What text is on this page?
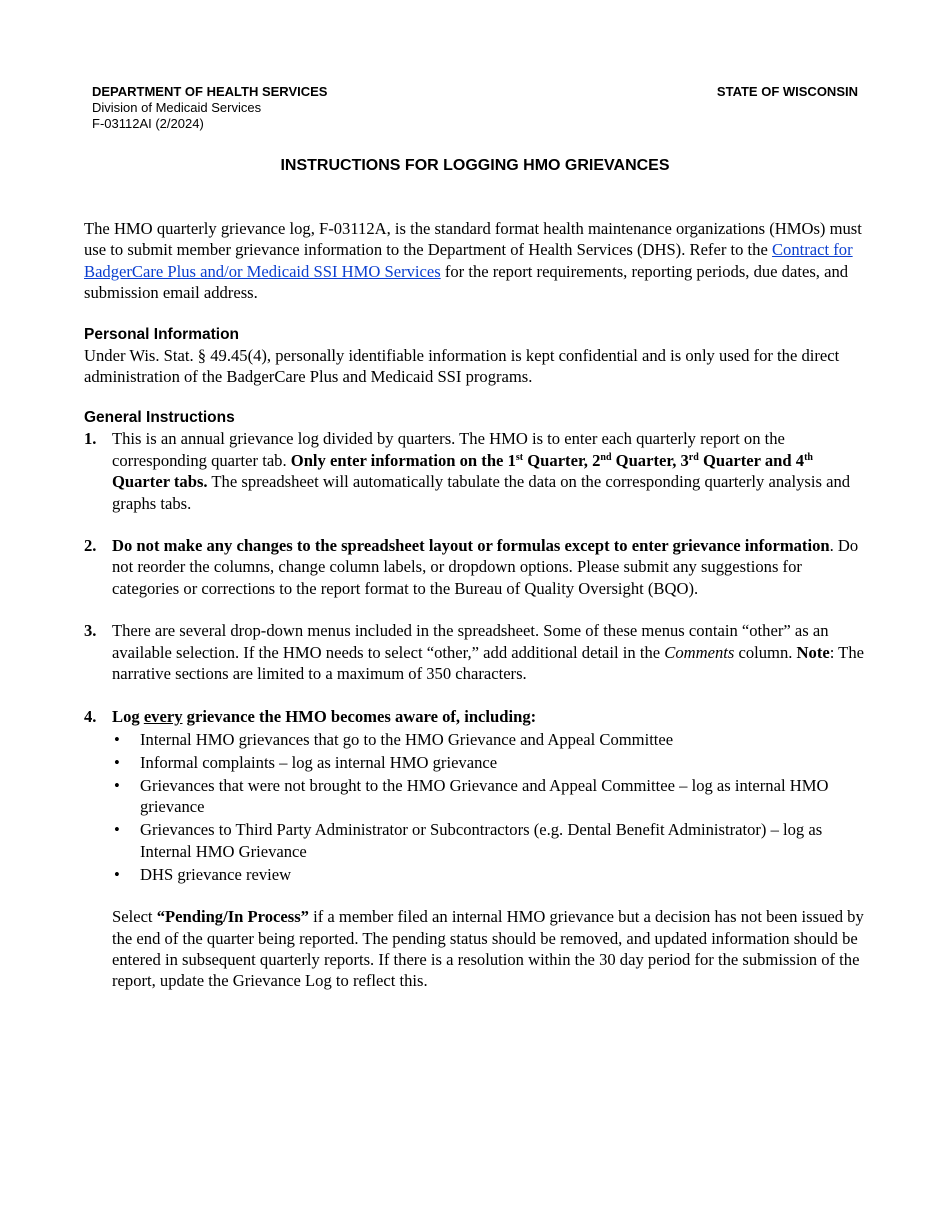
DEPARTMENT OF HEALTH SERVICES
Division of Medicaid Services
F-03112AI (2/2024)
STATE OF WISCONSIN
INSTRUCTIONS FOR LOGGING HMO GRIEVANCES

The HMO quarterly grievance log, F-03112A, is the standard format health maintenance organizations (HMOs) must use to submit member grievance information to the Department of Health Services (DHS). Refer to the Contract for BadgerCare Plus and/or Medicaid SSI HMO Services for the report requirements, reporting periods, due dates, and submission email address.

Personal Information

Under Wis. Stat. § 49.45(4), personally identifiable information is kept confidential and is only used for the direct administration of the BadgerCare Plus and Medicaid SSI programs.

General Instructions
1. This is an annual grievance log divided by quarters. The HMO is to enter each quarterly report on the corresponding quarter tab. Only enter information on the 1st Quarter, 2nd Quarter, 3rd Quarter and 4th Quarter tabs. The spreadsheet will automatically tabulate the data on the corresponding quarterly analysis and graphs tabs.
2. Do not make any changes to the spreadsheet layout or formulas except to enter grievance information. Do not reorder the columns, change column labels, or dropdown options. Please submit any suggestions for categories or corrections to the report format to the Bureau of Quality Oversight (BQO).
3. There are several drop-down menus included in the spreadsheet. Some of these menus contain “other” as an available selection. If the HMO needs to select “other,” add additional detail in the Comments column. Note: The narrative sections are limited to a maximum of 350 characters.
4. Log every grievance the HMO becomes aware of, including:
• Internal HMO grievances that go to the HMO Grievance and Appeal Committee
• Informal complaints – log as internal HMO grievance
• Grievances that were not brought to the HMO Grievance and Appeal Committee – log as internal HMO grievance
• Grievances to Third Party Administrator or Subcontractors (e.g. Dental Benefit Administrator) – log as Internal HMO Grievance
• DHS grievance review

Select “Pending/In Process” if a member filed an internal HMO grievance but a decision has not been issued by the end of the quarter being reported. The pending status should be removed, and updated information should be entered in subsequent quarterly reports. If there is a resolution within the 30 day period for the submission of the report, update the Grievance Log to reflect this.
